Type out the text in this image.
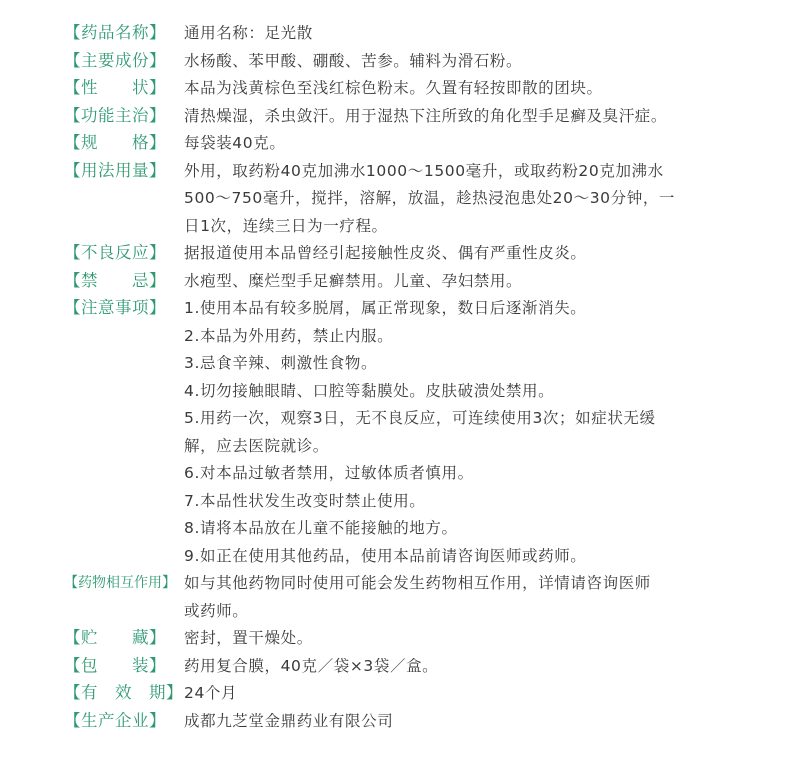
【药品名称】	通用名称：足光散
【主要成份】	水杨酸、苯甲酸、硼酸、苦参。辅料为滑石粉。
【性　　状】	本品为浅黄棕色至浅红棕色粉末。久置有轻按即散的团块。
【功能主治】	清热燥湿，杀虫敛汗。用于湿热下注所致的角化型手足癣及臭汗症。
【规　　格】	每袋装40克。
【用法用量】	外用，取药粉40克加沸水1000～1500毫升，或取药粉20克加沸水
500～750毫升，搅拌，溶解，放温，趁热浸泡患处20～30分钟，一
日1次，连续三日为一疗程。
【不良反应】	据报道使用本品曾经引起接触性皮炎、偶有严重性皮炎。
【禁　　忌】	水疱型、糜烂型手足癣禁用。儿童、孕妇禁用。
【注意事项】	1.使用本品有较多脱屑，属正常现象，数日后逐渐消失。
2.本品为外用药，禁止内服。
3.忌食辛辣、刺激性食物。
4.切勿接触眼睛、口腔等黏膜处。皮肤破溃处禁用。
5.用药一次，观察3日，无不良反应，可连续使用3次；如症状无缓
解，应去医院就诊。
6.对本品过敏者禁用，过敏体质者慎用。
7.本品性状发生改变时禁止使用。
8.请将本品放在儿童不能接触的地方。
9.如正在使用其他药品，使用本品前请咨询医师或药师。
【药物相互作用】 如与其他药物同时使用可能会发生药物相互作用，详情请咨询医师
或药师。
【贮　　藏】	密封，置干燥处。
【包　　装】	药用复合膜，40克／袋×3袋／盒。
【有　效　期】 24个月
【生产企业】	成都九芝堂金鼎药业有限公司
